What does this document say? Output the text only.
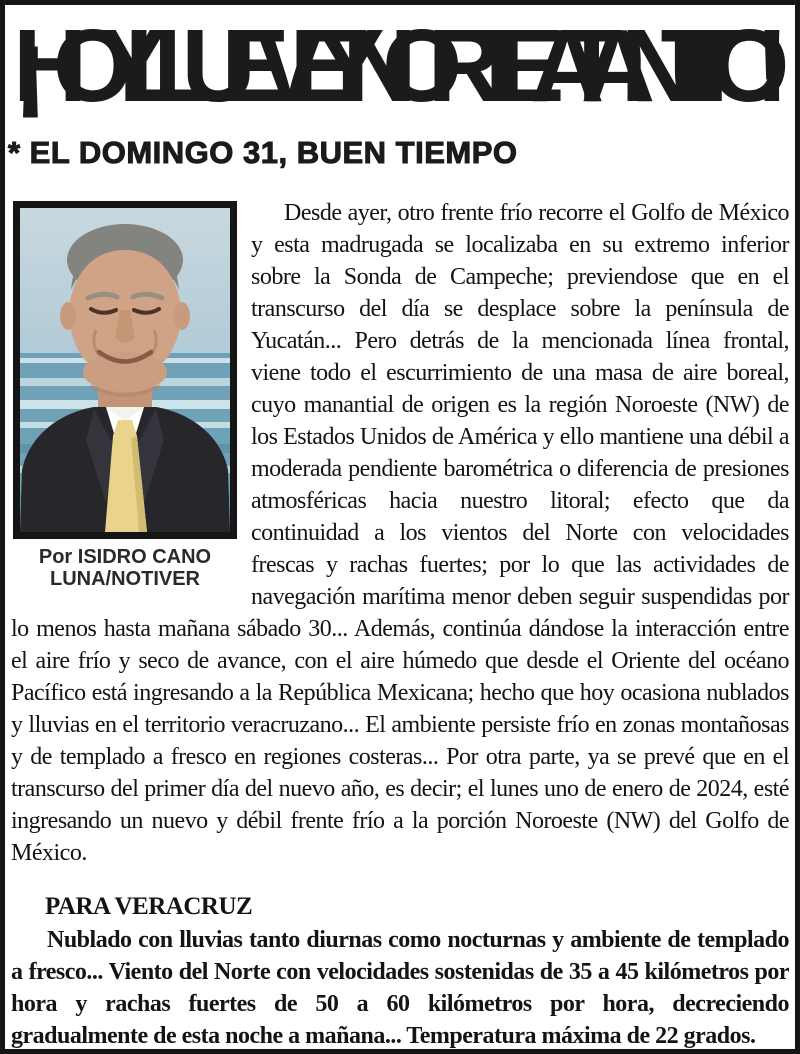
¡HOY LLUEVE Y NORTEA TANTITO!
* EL DOMINGO 31, BUEN TIEMPO
Por ISIDRO CANO
LUNA/NOTIVER

Desde ayer, otro frente frío recorre el Golfo de México y esta madrugada se localizaba en su extremo inferior sobre la Sonda de Campeche; previendose que en el transcurso del día se desplace sobre la península de Yucatán... Pero detrás de la mencionada línea frontal, viene todo el escurrimiento de una masa de aire boreal, cuyo manantial de origen es la región Noroeste (NW) de los Estados Unidos de América y ello mantiene una débil a moderada pendiente barométrica o diferencia de presiones atmosféricas hacia nuestro litoral; efecto que da continuidad a los vientos del Norte con velocidades frescas y rachas fuertes; por lo que las actividades de navegación marítima menor deben seguir suspendidas por lo menos hasta mañana sábado 30... Además, continúa dándose la interacción entre el aire frío y seco de avance, con el aire húmedo que desde el Oriente del océano Pacífico está ingresando a la República Mexicana; hecho que hoy ocasiona nublados y lluvias en el territorio veracruzano... El ambiente persiste frío en zonas montañosas y de templado a fresco en regiones costeras... Por otra parte, ya se prevé que en el transcurso del primer día del nuevo año, es decir; el lunes uno de enero de 2024, esté ingresando un nuevo y débil frente frío a la porción Noroeste (NW) del Golfo de México.

PARA VERACRUZ

Nublado con lluvias tanto diurnas como nocturnas y ambiente de templado a fresco... Viento del Norte con velocidades sostenidas de 35 a 45 kilómetros por hora y rachas fuertes de 50 a 60 kilómetros por hora, decreciendo gradualmente de esta noche a mañana... Temperatura máxima de 22 grados.
